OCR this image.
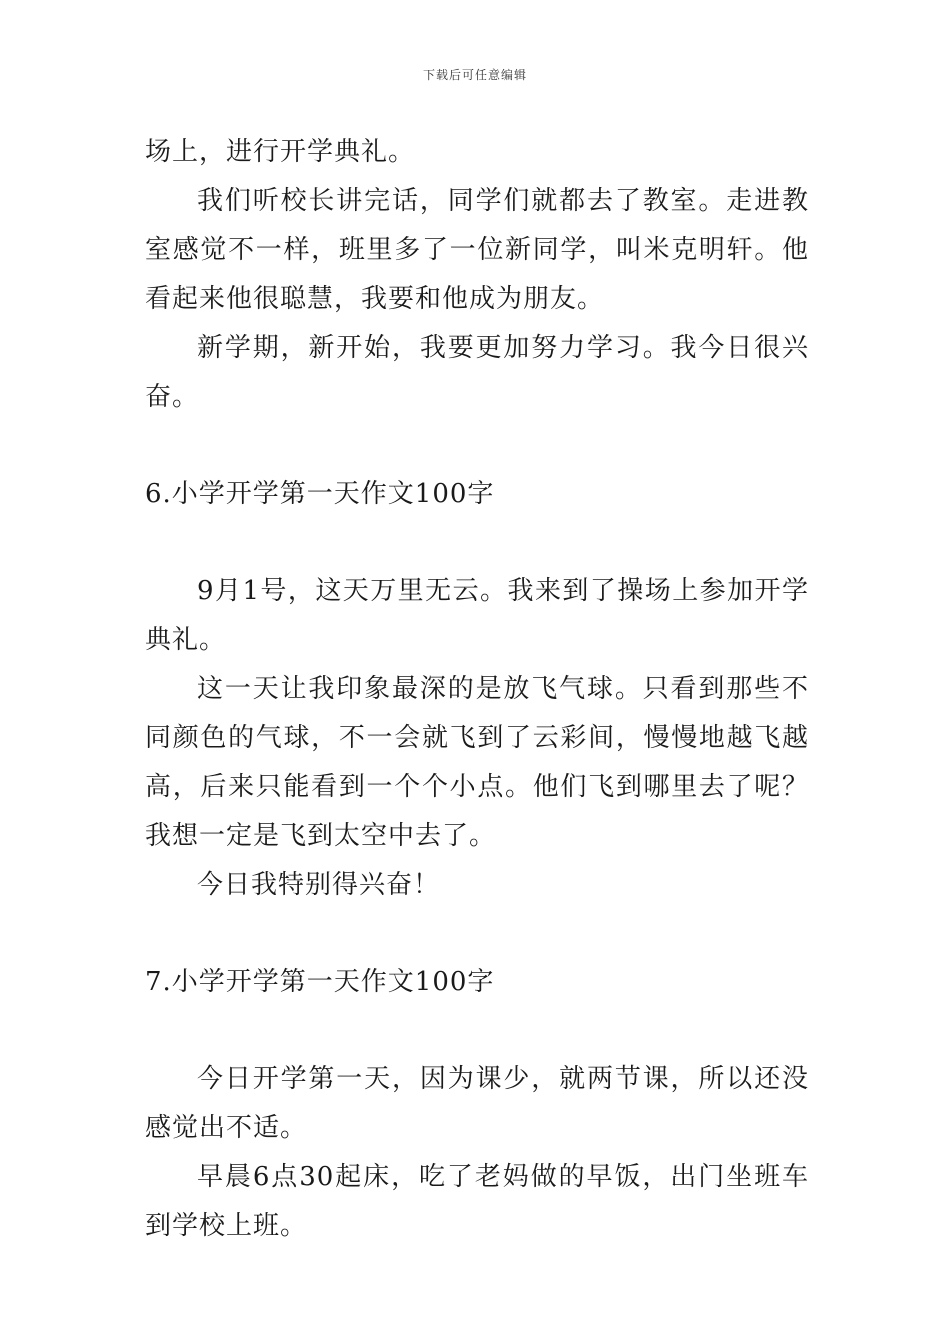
下载后可任意编辑

场上，进行开学典礼。

我们听校长讲完话，同学们就都去了教室。走进教室感觉不一样，班里多了一位新同学，叫米克明轩。他看起来他很聪慧，我要和他成为朋友。

新学期，新开始，我要更加努力学习。我今日很兴奋。

6.小学开学第一天作文100字

9月1号，这天万里无云。我来到了操场上参加开学典礼。

这一天让我印象最深的是放飞气球。只看到那些不同颜色的气球，不一会就飞到了云彩间，慢慢地越飞越高，后来只能看到一个个小点。他们飞到哪里去了呢？我想一定是飞到太空中去了。

今日我特别得兴奋！

7.小学开学第一天作文100字

今日开学第一天，因为课少，就两节课，所以还没感觉出不适。

早晨6点30起床，吃了老妈做的早饭，出门坐班车到学校上班。
